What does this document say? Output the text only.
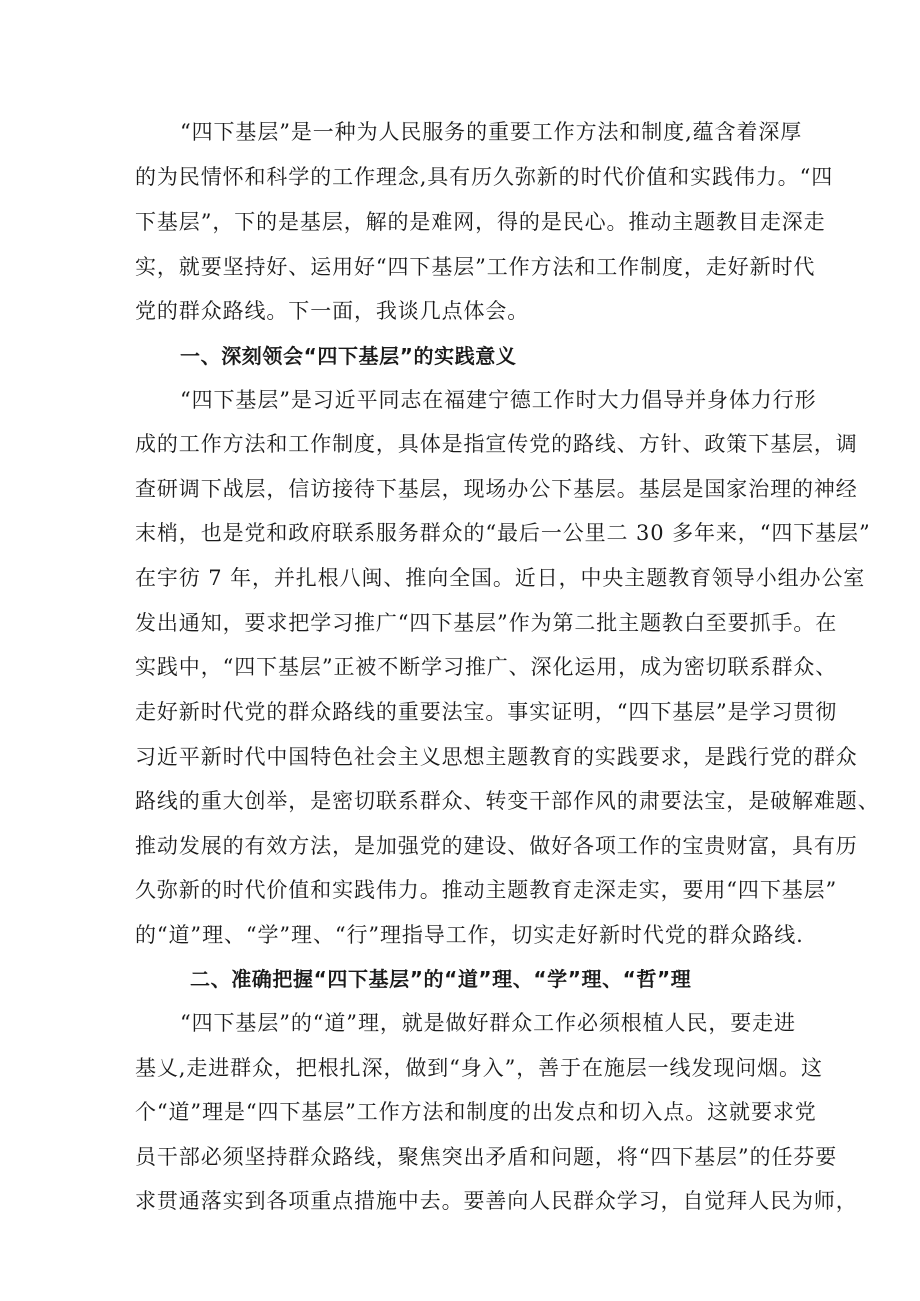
“四下基层”是一种为人民服务的重要工作方法和制度,蕴含着深厚
的为民情怀和科学的工作理念,具有历久弥新的时代价值和实践伟力。“四
下基层”，下的是基层，解的是难网，得的是民心。推动主题教目走深走
实，就要坚持好、运用好“四下基层”工作方法和工作制度，走好新时代
党的群众路线。下一面，我谈几点体会。
一、深刻领会“四下基层”的实践意义
“四下基层”是习近平同志在福建宁德工作时大力倡导并身体力行形
成的工作方法和工作制度，具体是指宣传党的路线、方针、政策下基层，调
查研调下战层，信访接待下基层，现场办公下基层。基层是国家治理的神经
末梢，也是党和政府联系服务群众的“最后一公里二 30 多年来，“四下基层”
在宇彷 7 年，并扎根八闽、推向全国。近日，中央主题教育领导小组办公室
发出通知，要求把学习推广“四下基层”作为第二批主题教白至要抓手。在
实践中，“四下基层”正被不断学习推广、深化运用，成为密切联系群众、
走好新时代党的群众路线的重要法宝。事实证明，“四下基层”是学习贯彻
习近平新时代中国特色社会主义思想主题教育的实践要求，是践行党的群众
路线的重大创举，是密切联系群众、转变干部作风的肃要法宝，是破解难题、
推动发展的有效方法，是加强党的建设、做好各项工作的宝贵财富，具有历
久弥新的时代价值和实践伟力。推动主题教育走深走实，要用“四下基层”
的“道”理、“学”理、“行”理指导工作，切实走好新时代党的群众路线.
二、准确把握“四下基层”的“道”理、“学”理、“哲”理
“四下基层”的“道”理，就是做好群众工作必须根植人民，要走进
基乂,走进群众，把根扎深，做到“身入”，善于在施层一线发现问烟。这
个“道”理是“四下基层”工作方法和制度的出发点和切入点。这就要求党
员干部必须坚持群众路线，聚焦突出矛盾和问题，将“四下基层”的任芬要
求贯通落实到各项重点措施中去。要善向人民群众学习，自觉拜人民为师，
